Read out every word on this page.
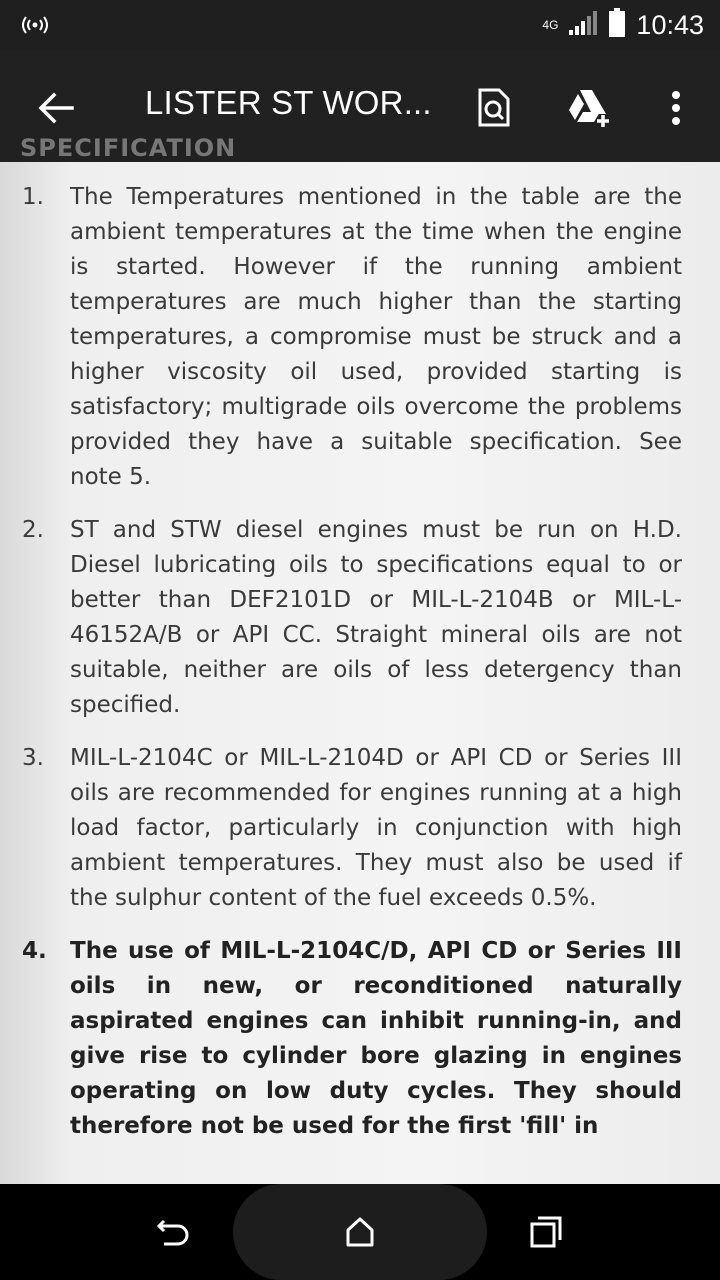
4G	10:43
LISTER ST WOR...
SPECIFICATION
1.	The Temperatures mentioned in the table are the ambient temperatures at the time when the engine is started. However if the running ambient temperatures are much higher than the starting temperatures, a compromise must be struck and a higher viscosity oil used, provided starting is satisfactory; multigrade oils overcome the problems provided they have a suitable specification. See note 5.
2.	ST and STW diesel engines must be run on H.D. Diesel lubricating oils to specifications equal to or better than DEF2101D or MIL-L-2104B or MIL-L-46152A/B or API CC. Straight mineral oils are not suitable, neither are oils of less detergency than specified.
3.	MIL-L-2104C or MIL-L-2104D or API CD or Series III oils are recommended for engines running at a high load factor, particularly in conjunction with high ambient temperatures. They must also be used if the sulphur content of the fuel exceeds 0.5%.
4.	The use of MIL-L-2104C/D, API CD or Series III oils in new, or reconditioned naturally aspirated engines can inhibit running-in, and give rise to cylinder bore glazing in engines operating on low duty cycles. They should therefore not be used for the first 'fill' in
